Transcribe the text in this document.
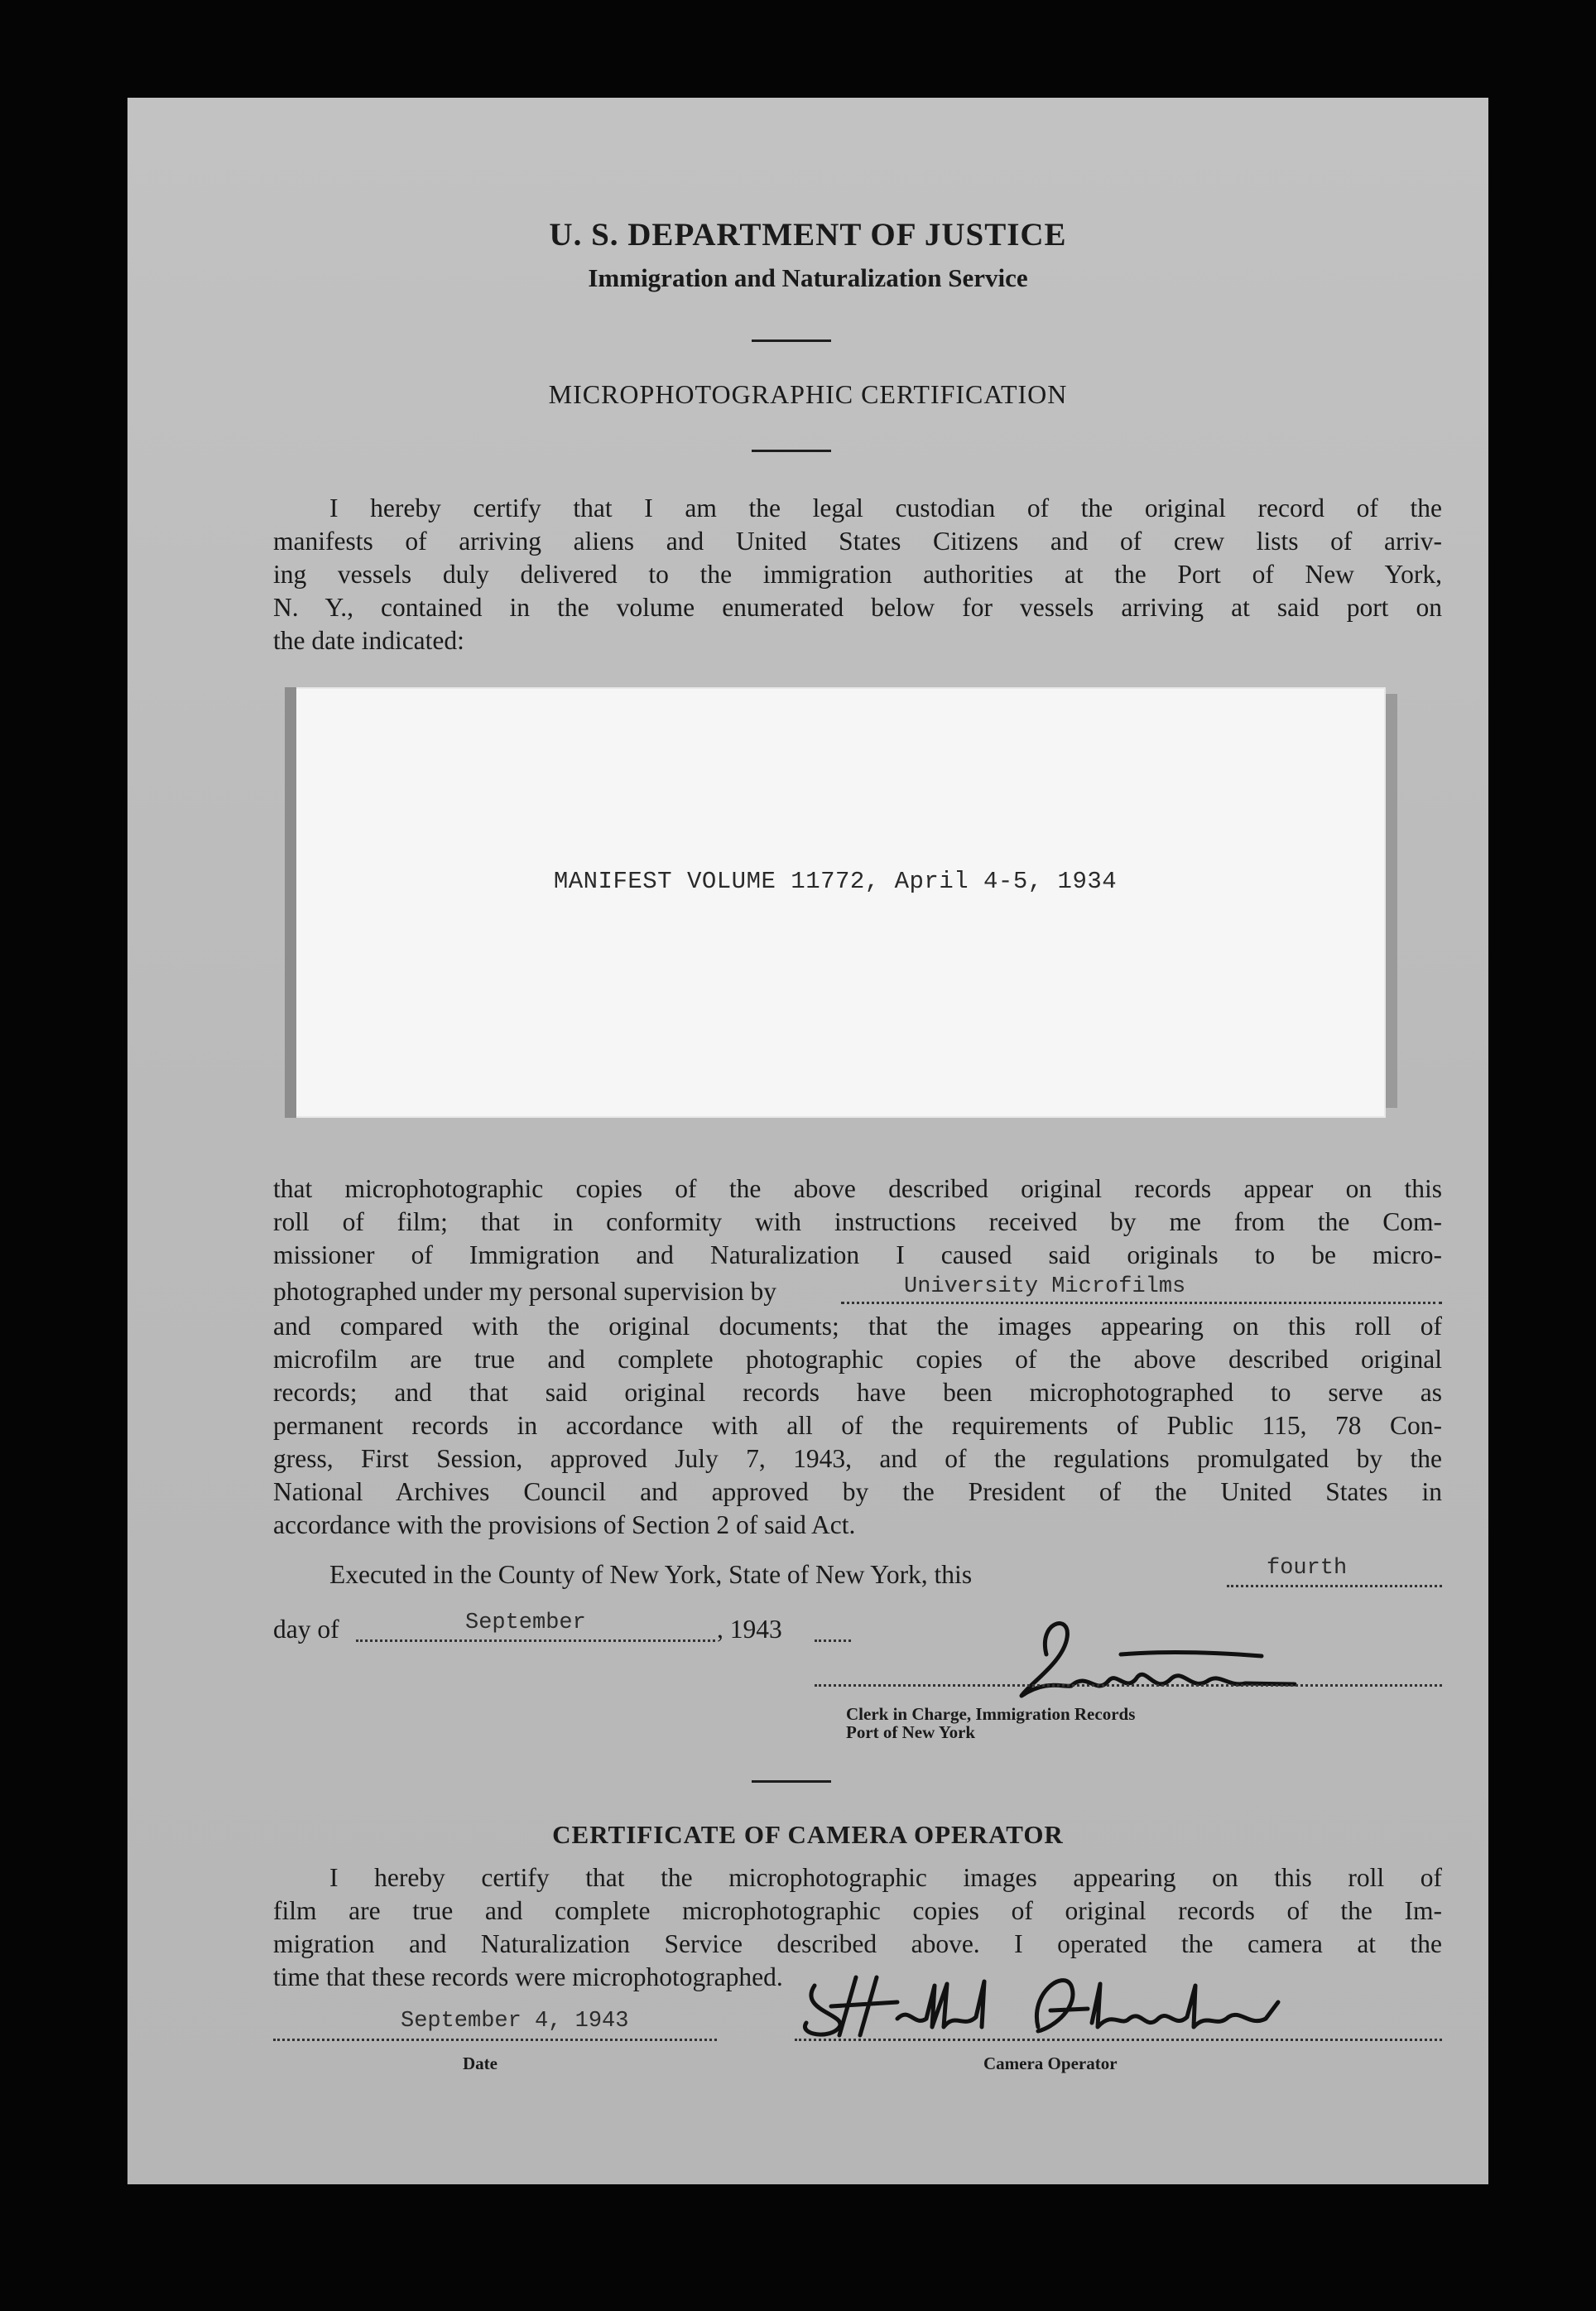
U. S. DEPARTMENT OF JUSTICE
Immigration and Naturalization Service
MICROPHOTOGRAPHIC CERTIFICATION

I hereby certify that I am the legal custodian of the original record of the

manifests of arriving aliens and United States Citizens and of crew lists of arriv-

ing vessels duly delivered to the immigration authorities at the Port of New York,

N. Y., contained in the volume enumerated below for vessels arriving at said port on

the date indicated:

MANIFEST VOLUME 11772, April 4-5, 1934

that microphotographic copies of the above described original records appear on this

roll of film; that in conformity with instructions received by me from the Com-

missioner of Immigration and Naturalization I caused said originals to be micro-

photographed under my personal supervision by	University Microfilms

and compared with the original documents; that the images appearing on this roll of

microfilm are true and complete photographic copies of the above described original

records; and that said original records have been microphotographed to serve as

permanent records in accordance with all of the requirements of Public 115, 78 Con-

gress, First Session, approved July 7, 1943, and of the regulations promulgated by the

National Archives Council and approved by the President of the United States in

accordance with the provisions of Section 2 of said Act.

Executed in the County of New York, State of New York, this	fourth
day of	September	, 1943
Clerk in Charge, Immigration Records
Port of New York
CERTIFICATE OF CAMERA OPERATOR

I hereby certify that the microphotographic images appearing on this roll of

film are true and complete microphotographic copies of original records of the Im-

migration and Naturalization Service described above. I operated the camera at the

time that these records were microphotographed.

September 4, 1943
Date	Camera Operator
